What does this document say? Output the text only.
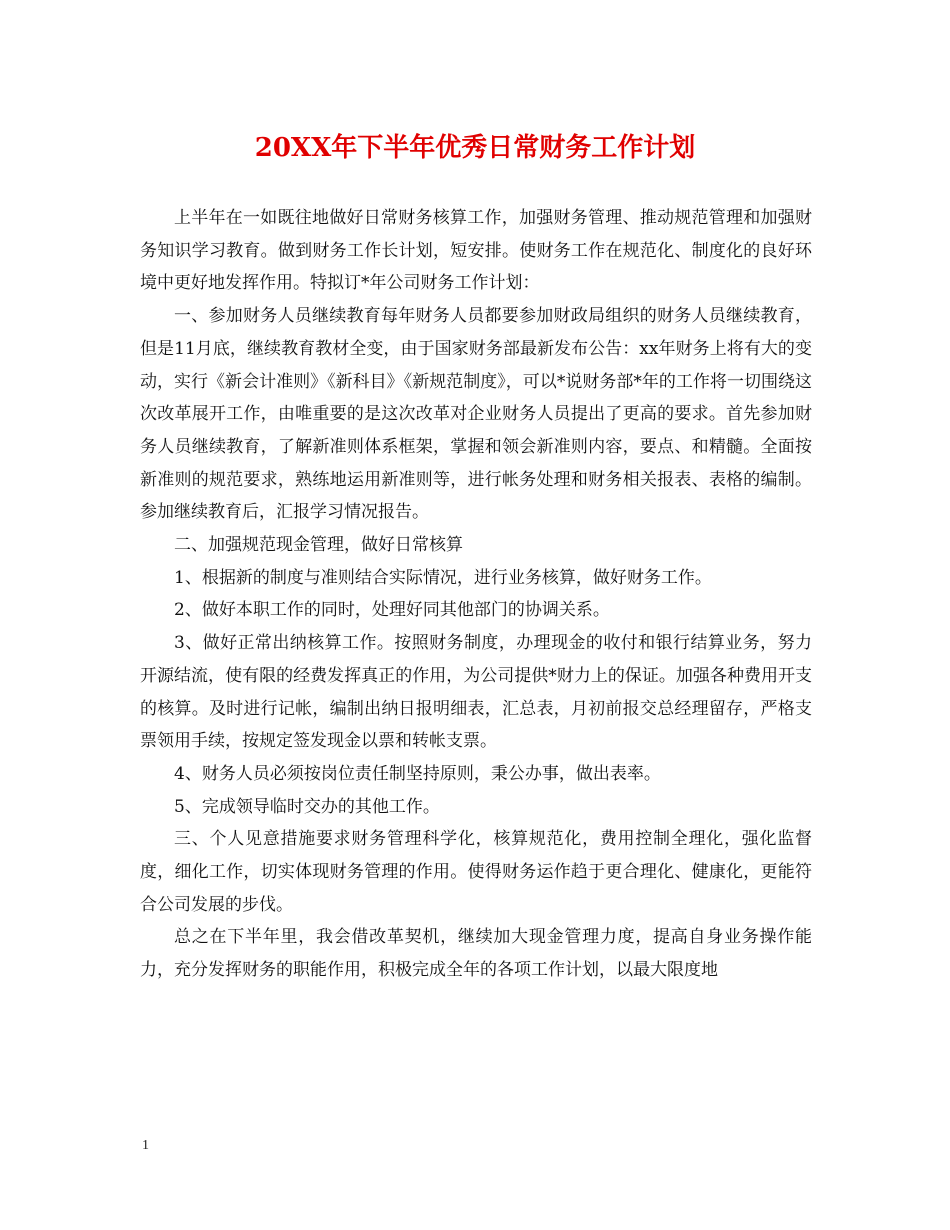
20XX年下半年优秀日常财务工作计划

上半年在一如既往地做好日常财务核算工作，加强财务管理、推动规范管理和加强财务知识学习教育。做到财务工作长计划，短安排。使财务工作在规范化、制度化的良好环境中更好地发挥作用。特拟订*年公司财务工作计划：

一、参加财务人员继续教育每年财务人员都要参加财政局组织的财务人员继续教育，但是11月底，继续教育教材全变，由于国家财务部最新发布公告：xx年财务上将有大的变动，实行《新会计准则》《新科目》《新规范制度》，可以*说财务部*年的工作将一切围绕这次改革展开工作，由唯重要的是这次改革对企业财务人员提出了更高的要求。首先参加财务人员继续教育，了解新准则体系框架，掌握和领会新准则内容，要点、和精髓。全面按新准则的规范要求，熟练地运用新准则等，进行帐务处理和财务相关报表、表格的编制。参加继续教育后，汇报学习情况报告。

二、加强规范现金管理，做好日常核算

1、根据新的制度与准则结合实际情况，进行业务核算，做好财务工作。

2、做好本职工作的同时，处理好同其他部门的协调关系。

3、做好正常出纳核算工作。按照财务制度，办理现金的收付和银行结算业务，努力开源结流，使有限的经费发挥真正的作用，为公司提供*财力上的保证。加强各种费用开支的核算。及时进行记帐，编制出纳日报明细表，汇总表，月初前报交总经理留存，严格支票领用手续，按规定签发现金以票和转帐支票。

4、财务人员必须按岗位责任制坚持原则，秉公办事，做出表率。

5、完成领导临时交办的其他工作。

三、个人见意措施要求财务管理科学化，核算规范化，费用控制全理化，强化监督度，细化工作，切实体现财务管理的作用。使得财务运作趋于更合理化、健康化，更能符合公司发展的步伐。

总之在下半年里，我会借改革契机，继续加大现金管理力度，提高自身业务操作能力，充分发挥财务的职能作用，积极完成全年的各项工作计划，以最大限度地

1
